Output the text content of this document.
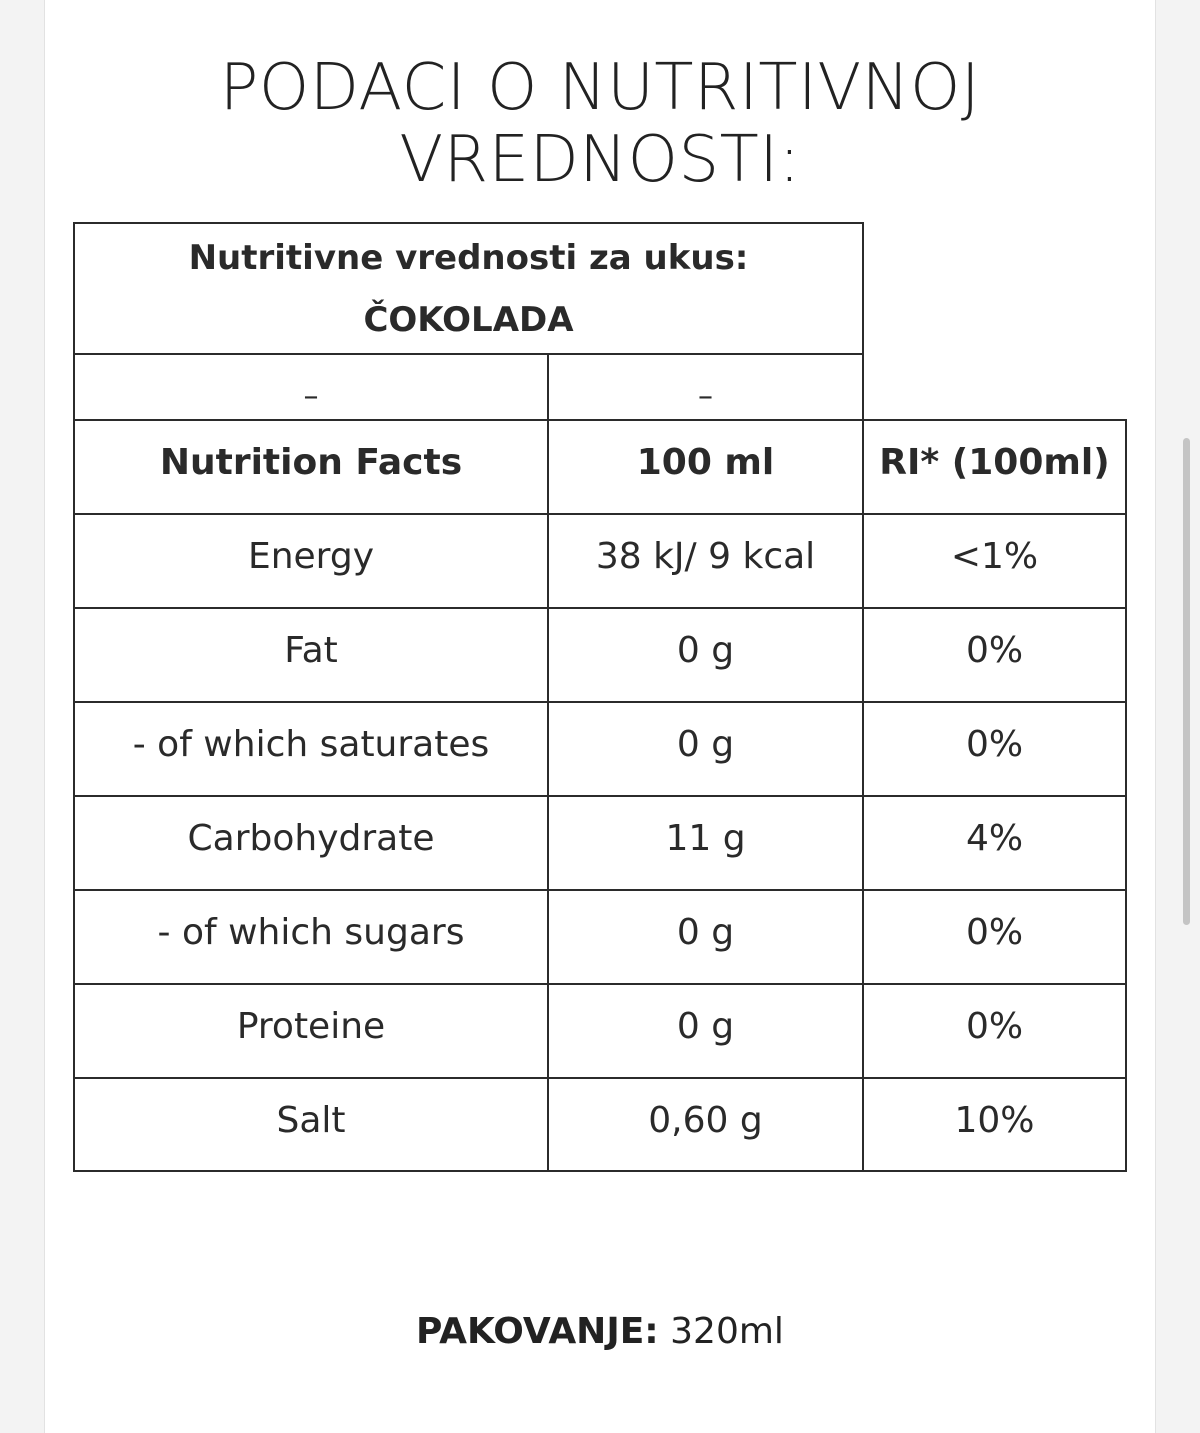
PODACI O NUTRITIVNOJ
VREDNOSTI:
Nutritivne vrednosti za ukus:
ČOKOLADA
–	–
Nutrition Facts	100 ml	RI* (100ml)
Energy	38 kJ/ 9 kcal	<1%
Fat	0 g	0%
- of which saturates	0 g	0%
Carbohydrate	11 g	4%
- of which sugars	0 g	0%
Proteine	0 g	0%
Salt	0,60 g	10%
PAKOVANJE: 320ml
